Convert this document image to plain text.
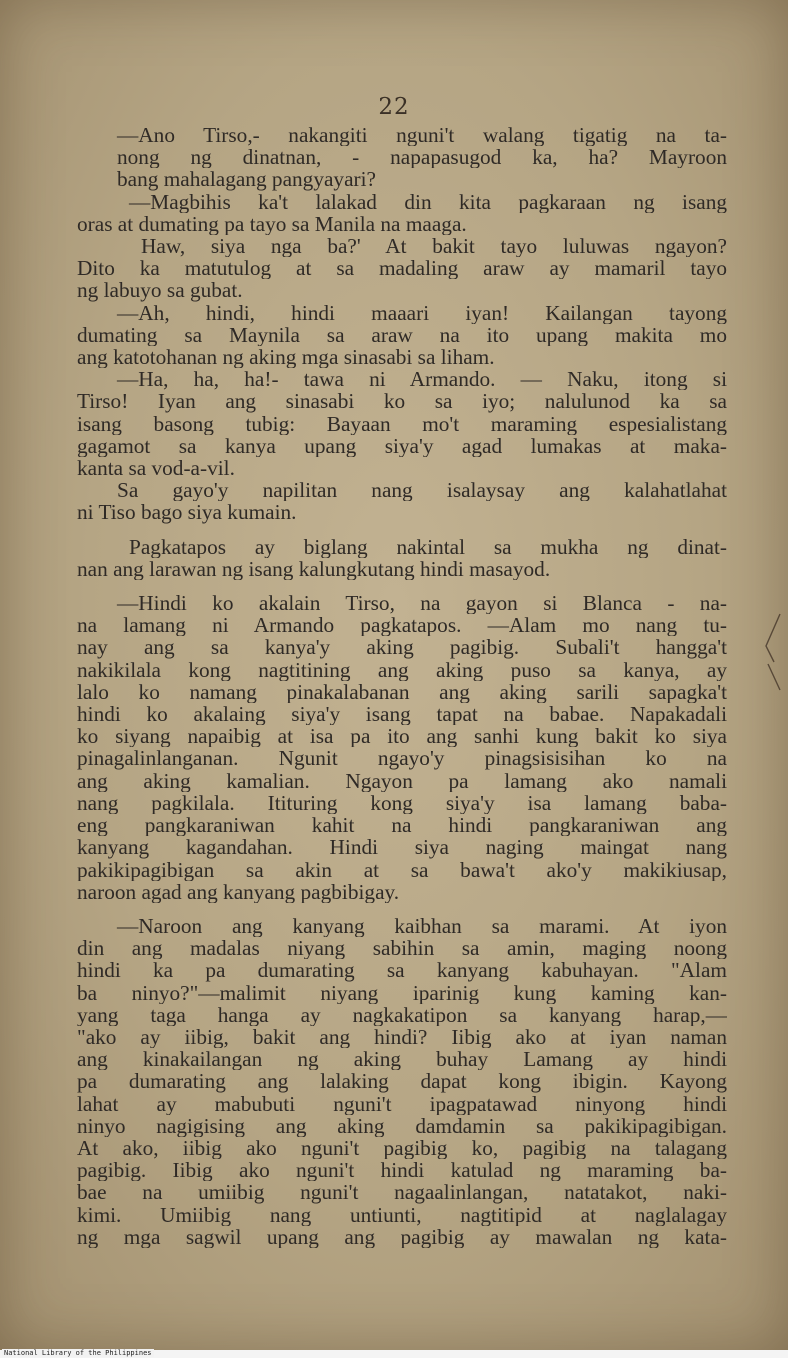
22

—Ano Tirso,- nakangiti nguni't walang tigatig na ta-
nong ng dinatnan, - napapasugod ka, ha? Mayroon
bang mahalagang pangyayari?

—Magbihis ka't lalakad din kita pagkaraan ng isang
oras at dumating pa tayo sa Manila na maaga.

Haw, siya nga ba?' At bakit tayo luluwas ngayon?
Dito ka matutulog at sa madaling araw ay mamaril tayo
ng labuyo sa gubat.

—Ah, hindi, hindi maaari iyan! Kailangan tayong
dumating sa Maynila sa araw na ito upang makita mo
ang katotohanan ng aking mga sinasabi sa liham.

—Ha, ha, ha!- tawa ni Armando. — Naku, itong si
Tirso! Iyan ang sinasabi ko sa iyo; nalulunod ka sa
isang basong tubig: Bayaan mo't maraming espesialistang
gagamot sa kanya upang siya'y agad lumakas at maka-
kanta sa vod-a-vil.

Sa gayo'y napilitan nang isalaysay ang kalahatlahat
ni Tiso bago siya kumain.

Pagkatapos ay biglang nakintal sa mukha ng dinat-
nan ang larawan ng isang kalungkutang hindi masayod.

—Hindi ko akalain Tirso, na gayon si Blanca - na-
na lamang ni Armando pagkatapos. —Alam mo nang tu-
nay ang sa kanya'y aking pagibig. Subali't hangga't
nakikilala kong nagtitining ang aking puso sa kanya, ay
lalo ko namang pinakalabanan ang aking sarili sapagka't
hindi ko akalaing siya'y isang tapat na babae. Napakadali
ko siyang napaibig at isa pa ito ang sanhi kung bakit ko siya
pinagalinlanganan. Ngunit ngayo'y pinagsisisihan ko na
ang aking kamalian. Ngayon pa lamang ako namali
nang pagkilala. Itituring kong siya'y isa lamang baba-
eng pangkaraniwan kahit na hindi pangkaraniwan ang
kanyang kagandahan. Hindi siya naging maingat nang
pakikipagibigan sa akin at sa bawa't ako'y makikiusap,
naroon agad ang kanyang pagbibigay.

—Naroon ang kanyang kaibhan sa marami. At iyon
din ang madalas niyang sabihin sa amin, maging noong
hindi ka pa dumarating sa kanyang kabuhayan. "Alam
ba ninyo?"—malimit niyang iparinig kung kaming kan-
yang taga hanga ay nagkakatipon sa kanyang harap,—
"ako ay iibig, bakit ang hindi? Iibig ako at iyan naman
ang kinakailangan ng aking buhay Lamang ay hindi
pa dumarating ang lalaking dapat kong ibigin. Kayong
lahat ay mabubuti nguni't ipagpatawad ninyong hindi
ninyo nagigising ang aking damdamin sa pakikipagibigan.
At ako, iibig ako nguni't pagibig ko, pagibig na talagang
pagibig. Iibig ako nguni't hindi katulad ng maraming ba-
bae na umiibig nguni't nagaalinlangan, natatakot, naki-
kimi. Umiibig nang untiunti, nagtitipid at naglalagay
ng mga sagwil upang ang pagibig ay mawalan ng kata-

National Library of the Philippines
